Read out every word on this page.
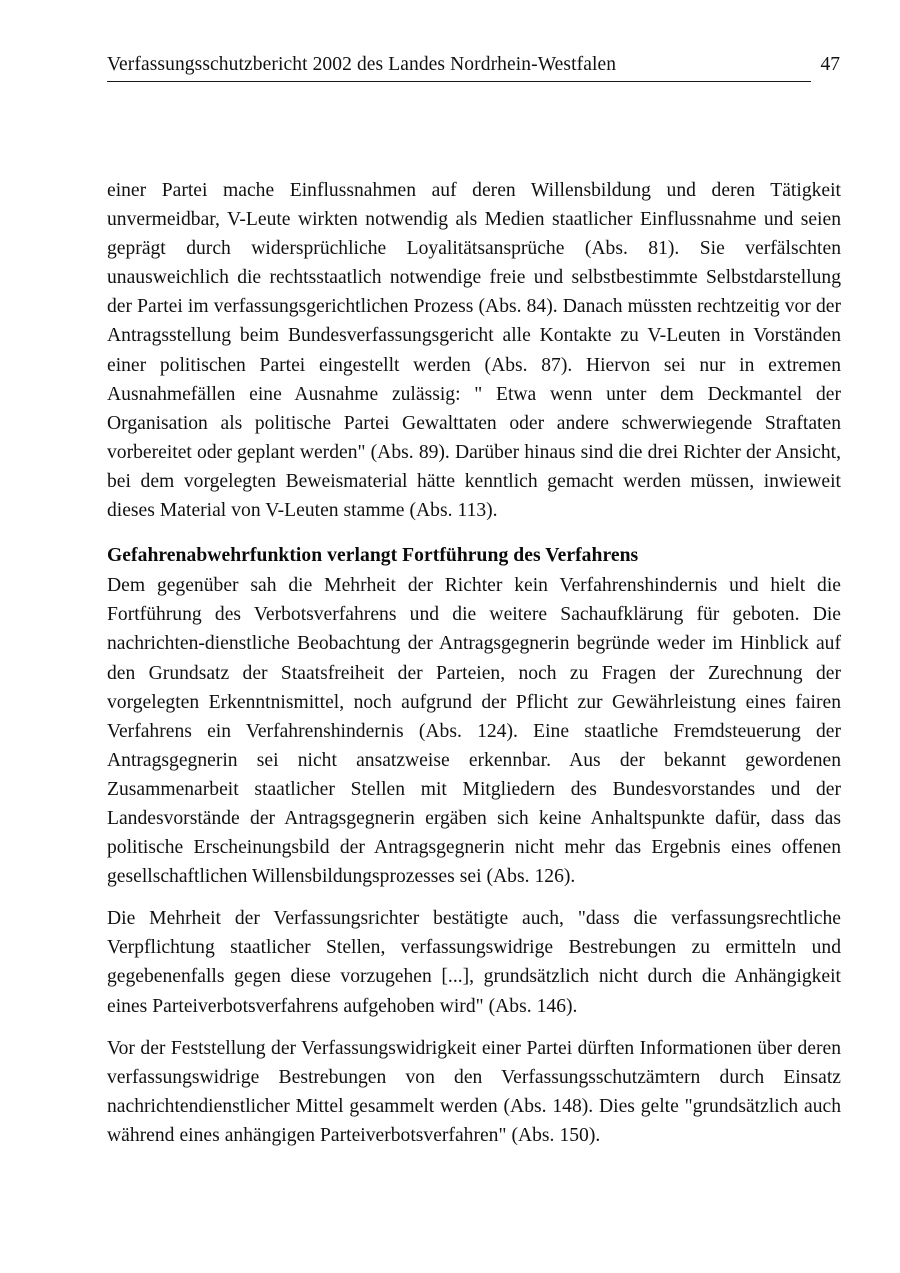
Verfassungsschutzbericht 2002 des Landes Nordrhein-Westfalen	47

einer Partei mache Einflussnahmen auf deren Willensbildung und deren Tätigkeit unvermeidbar, V-Leute wirkten notwendig als Medien staatlicher Einflussnahme und seien geprägt durch widersprüchliche Loyalitätsansprüche (Abs. 81). Sie verfälschten unausweichlich die rechtsstaatlich notwendige freie und selbstbestimmte Selbstdarstellung der Partei im verfassungsgerichtlichen Prozess (Abs. 84). Danach müssten rechtzeitig vor der Antragsstellung beim Bundesverfassungsgericht alle Kontakte zu V-Leuten in Vorständen einer politischen Partei eingestellt werden (Abs. 87). Hiervon sei nur in extremen Ausnahmefällen eine Ausnahme zulässig: " Etwa wenn unter dem Deckmantel der Organisation als politische Partei Gewalttaten oder andere schwerwiegende Straftaten vorbereitet oder geplant werden" (Abs. 89). Darüber hinaus sind die drei Richter der Ansicht, bei dem vorgelegten Beweismaterial hätte kenntlich gemacht werden müssen, inwieweit dieses Material von V-Leuten stamme (Abs. 113).

Gefahrenabwehrfunktion verlangt Fortführung des Verfahrens

Dem gegenüber sah die Mehrheit der Richter kein Verfahrenshindernis und hielt die Fortführung des Verbotsverfahrens und die weitere Sachaufklärung für geboten. Die nachrichten-dienstliche Beobachtung der Antragsgegnerin begründe weder im Hinblick auf den Grundsatz der Staatsfreiheit der Parteien, noch zu Fragen der Zurechnung der vorgelegten Erkenntnismittel, noch aufgrund der Pflicht zur Gewährleistung eines fairen Verfahrens ein Verfahrenshindernis (Abs. 124). Eine staatliche Fremdsteuerung der Antragsgegnerin sei nicht ansatzweise erkennbar. Aus der bekannt gewordenen Zusammenarbeit staatlicher Stellen mit Mitgliedern des Bundesvorstandes und der Landesvorstände der Antragsgegnerin ergäben sich keine Anhaltspunkte dafür, dass das politische Erscheinungsbild der Antragsgegnerin nicht mehr das Ergebnis eines offenen gesellschaftlichen Willensbildungsprozesses sei (Abs. 126).

Die Mehrheit der Verfassungsrichter bestätigte auch, "dass die verfassungsrechtliche Verpflichtung staatlicher Stellen, verfassungswidrige Bestrebungen zu ermitteln und gegebenenfalls gegen diese vorzugehen [...], grundsätzlich nicht durch die Anhängigkeit eines Parteiverbotsverfahrens aufgehoben wird" (Abs. 146).

Vor der Feststellung der Verfassungswidrigkeit einer Partei dürften Informationen über deren verfassungswidrige Bestrebungen von den Verfassungsschutzämtern durch Einsatz nachrichtendienstlicher Mittel gesammelt werden (Abs. 148). Dies gelte "grundsätzlich auch während eines anhängigen Parteiverbotsverfahren" (Abs. 150).
